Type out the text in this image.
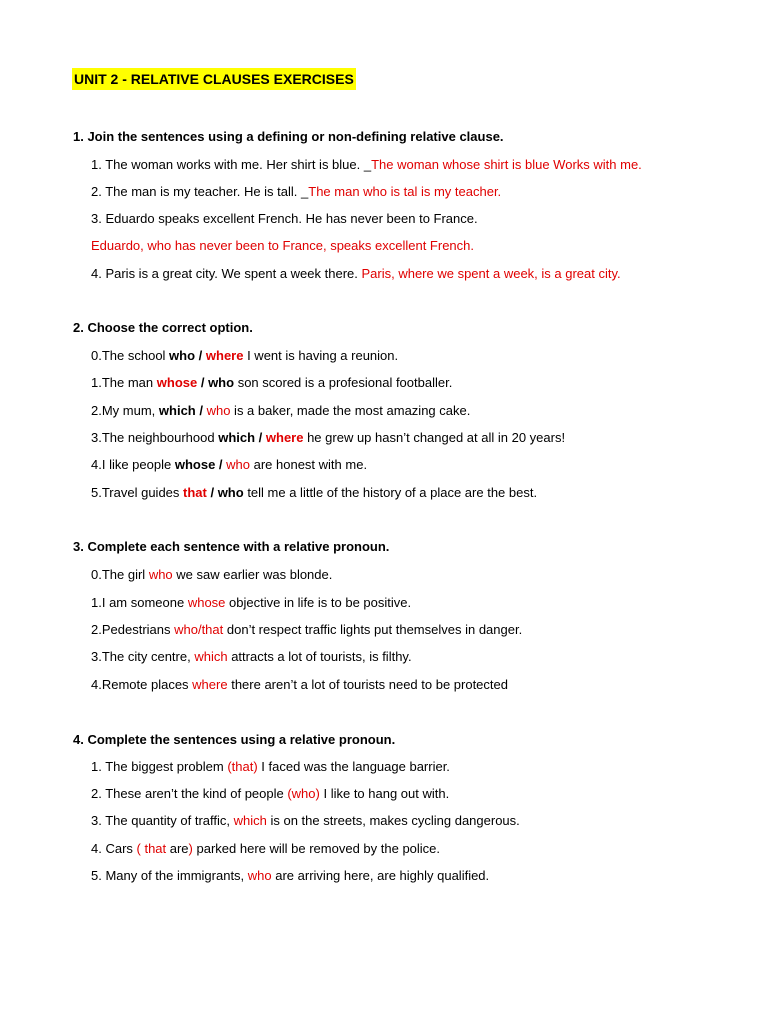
UNIT 2 - RELATIVE CLAUSES EXERCISES
1. Join the sentences using a defining or non-defining relative clause.
1. The woman works with me. Her shirt is blue. _The woman whose shirt is blue Works with me.
2. The man is my teacher. He is tall. _The man who is tal is my teacher.
3. Eduardo speaks excellent French. He has never been to France.
Eduardo, who has never been to France, speaks excellent French.
4. Paris is a great city. We spent a week there. Paris, where we spent a week, is a great city.
2. Choose the correct option.
0.The school who / where I went is having a reunion.
1.The man whose / who son scored is a profesional footballer.
2.My mum, which / who is a baker, made the most amazing cake.
3.The neighbourhood which / where he grew up hasn’t changed at all in 20 years!
4.I like people whose / who are honest with me.
5.Travel guides that / who tell me a little of the history of a place are the best.
3. Complete each sentence with a relative pronoun.
0.The girl who we saw earlier was blonde.
1.I am someone whose objective in life is to be positive.
2.Pedestrians who/that don’t respect traffic lights put themselves in danger.
3.The city centre, which attracts a lot of tourists, is filthy.
4.Remote places where there aren’t a lot of tourists need to be protected
4. Complete the sentences using a relative pronoun.
1. The biggest problem (that) I faced was the language barrier.
2. These aren’t the kind of people (who) I like to hang out with.
3. The quantity of traffic, which is on the streets, makes cycling dangerous.
4. Cars ( that are) parked here will be removed by the police.
5. Many of the immigrants, who are arriving here, are highly qualified.
